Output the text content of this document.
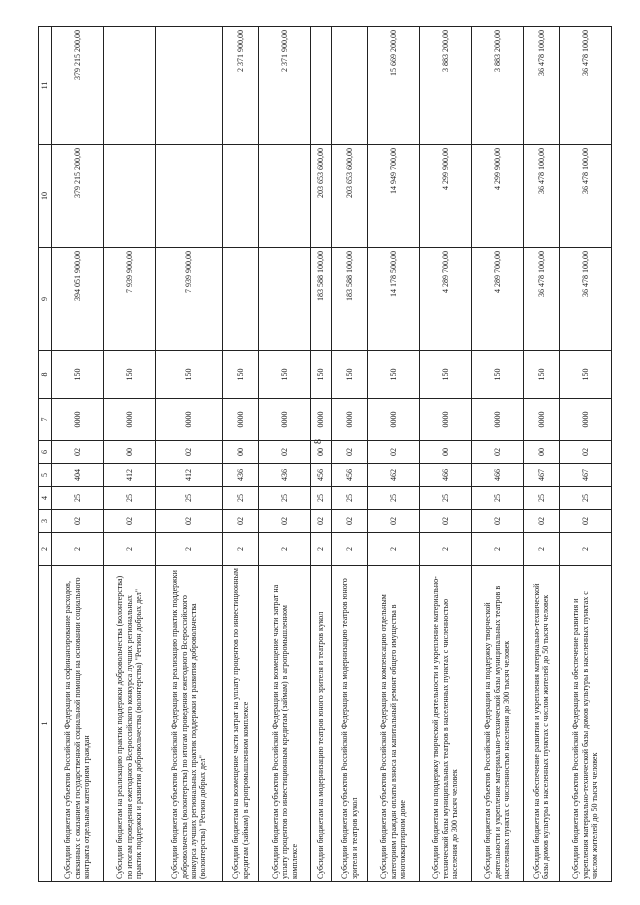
8
1	2	3	4	5	6	7	8	9	10	11
Субсидии бюджетам субъектов Российской Федерации на софинансирование расходов, связанных с оказанием государственной социальной помощи на основании социального контракта отдельным категориям граждан	2	02	25	404	02	0000	150	394 051 900,00	379 215 200,00	379 215 200,00
Субсидии бюджетам на реализацию практик поддержки добровольчества (волонтерства) по итогам проведения ежегодного Всероссийского конкурса лучших региональных практик поддержки и развития добровольчества (волонтерства) "Регион добрых дел"	2	02	25	412	00	0000	150	7 939 900,00		
Субсидии бюджетам субъектов Российской Федерации на реализацию практик поддержки добровольчества (волонтерства) по итогам проведения ежегодного Всероссийского конкурса лучших региональных практик поддержки и развития добровольчества (волонтерства) "Регион добрых дел"	2	02	25	412	02	0000	150	7 939 900,00		
Субсидии бюджетам на возмещение части затрат на уплату процентов по инвестиционным кредитам (займам) в агропромышленном комплексе	2	02	25	436	00	0000	150			2 371 900,00
Субсидии бюджетам субъектов Российской Федерации на возмещение части затрат на уплату процентов по инвестиционным кредитам (займам) в агропромышленном комплексе	2	02	25	436	02	0000	150			2 371 900,00
Субсидии бюджетам на модернизацию театров юного зрителя и театров кукол	2	02	25	456	00	0000	150	183 588 100,00	203 653 600,00	
Субсидии бюджетам субъектов Российской Федерации на модернизацию театров юного зрителя и театров кукол	2	02	25	456	02	0000	150	183 588 100,00	203 653 600,00	
Субсидии бюджетам субъектов Российской Федерации на компенсацию отдельным категориям граждан оплаты взноса на капитальный ремонт общего имущества в многоквартирном доме	2	02	25	462	02	0000	150	14 178 500,00	14 949 700,00	15 669 200,00
Субсидии бюджетам на поддержку творческой деятельности и укрепление материально-технической базы муниципальных театров в населенных пунктах с численностью населения до 300 тысяч человек	2	02	25	466	00	0000	150	4 289 700,00	4 299 900,00	3 883 200,00
Субсидии бюджетам субъектов Российской Федерации на поддержку творческой деятельности и укрепление материально-технической базы муниципальных театров в населенных пунктах с численностью населения до 300 тысяч человек	2	02	25	466	02	0000	150	4 289 700,00	4 299 900,00	3 883 200,00
Субсидии бюджетам на обеспечение развития и укрепления материально-технической базы домов культуры в населенных пунктах с числом жителей до 50 тысяч человек	2	02	25	467	00	0000	150	36 478 100,00	36 478 100,00	36 478 100,00
Субсидии бюджетам субъектов Российской Федерации на обеспечение развития и укрепления материально-технической базы домов культуры в населенных пунктах с числом жителей до 50 тысяч человек	2	02	25	467	02	0000	150	36 478 100,00	36 478 100,00	36 478 100,00
